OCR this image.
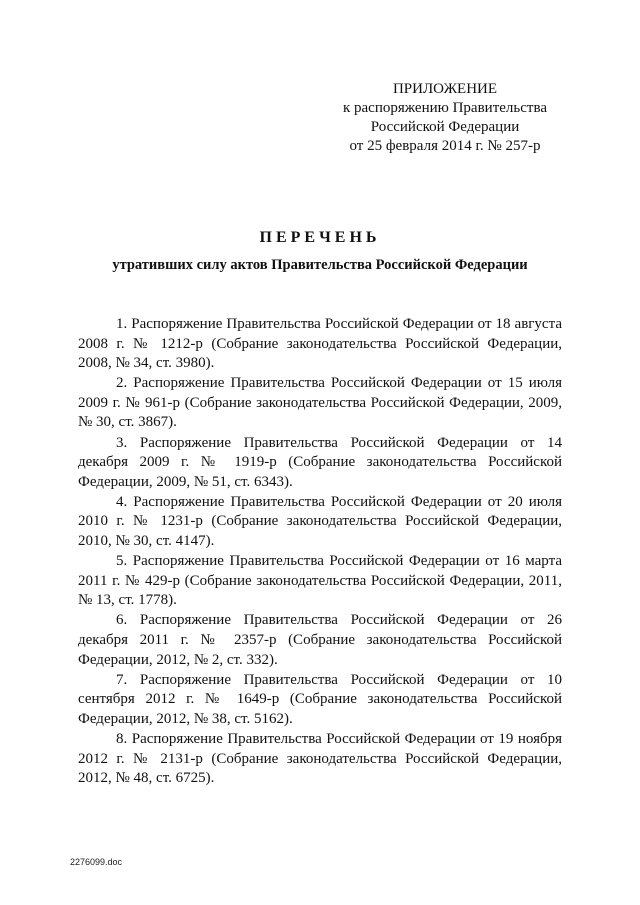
ПРИЛОЖЕНИЕ
к распоряжению Правительства
Российской Федерации
от 25 февраля 2014 г. № 257-р
ПЕРЕЧЕНЬ
утративших силу актов Правительства Российской Федерации

1. Распоряжение Правительства Российской Федерации от 18 августа 2008 г. № 1212-р (Собрание законодательства Российской Федерации, 2008, № 34, ст. 3980).

2. Распоряжение Правительства Российской Федерации от 15 июля 2009 г. № 961-р (Собрание законодательства Российской Федерации, 2009, № 30, ст. 3867).

3. Распоряжение Правительства Российской Федерации от 14 декабря 2009 г. № 1919-р (Собрание законодательства Российской Федерации, 2009, № 51, ст. 6343).

4. Распоряжение Правительства Российской Федерации от 20 июля 2010 г. № 1231-р (Собрание законодательства Российской Федерации, 2010, № 30, ст. 4147).

5. Распоряжение Правительства Российской Федерации от 16 марта 2011 г. № 429-р (Собрание законодательства Российской Федерации, 2011, № 13, ст. 1778).

6. Распоряжение Правительства Российской Федерации от 26 декабря 2011 г. № 2357-р (Собрание законодательства Российской Федерации, 2012, № 2, ст. 332).

7. Распоряжение Правительства Российской Федерации от 10 сентября 2012 г. № 1649-р (Собрание законодательства Российской Федерации, 2012, № 38, ст. 5162).

8. Распоряжение Правительства Российской Федерации от 19 ноября 2012 г. № 2131-р (Собрание законодательства Российской Федерации, 2012, № 48, ст. 6725).

2276099.doc
